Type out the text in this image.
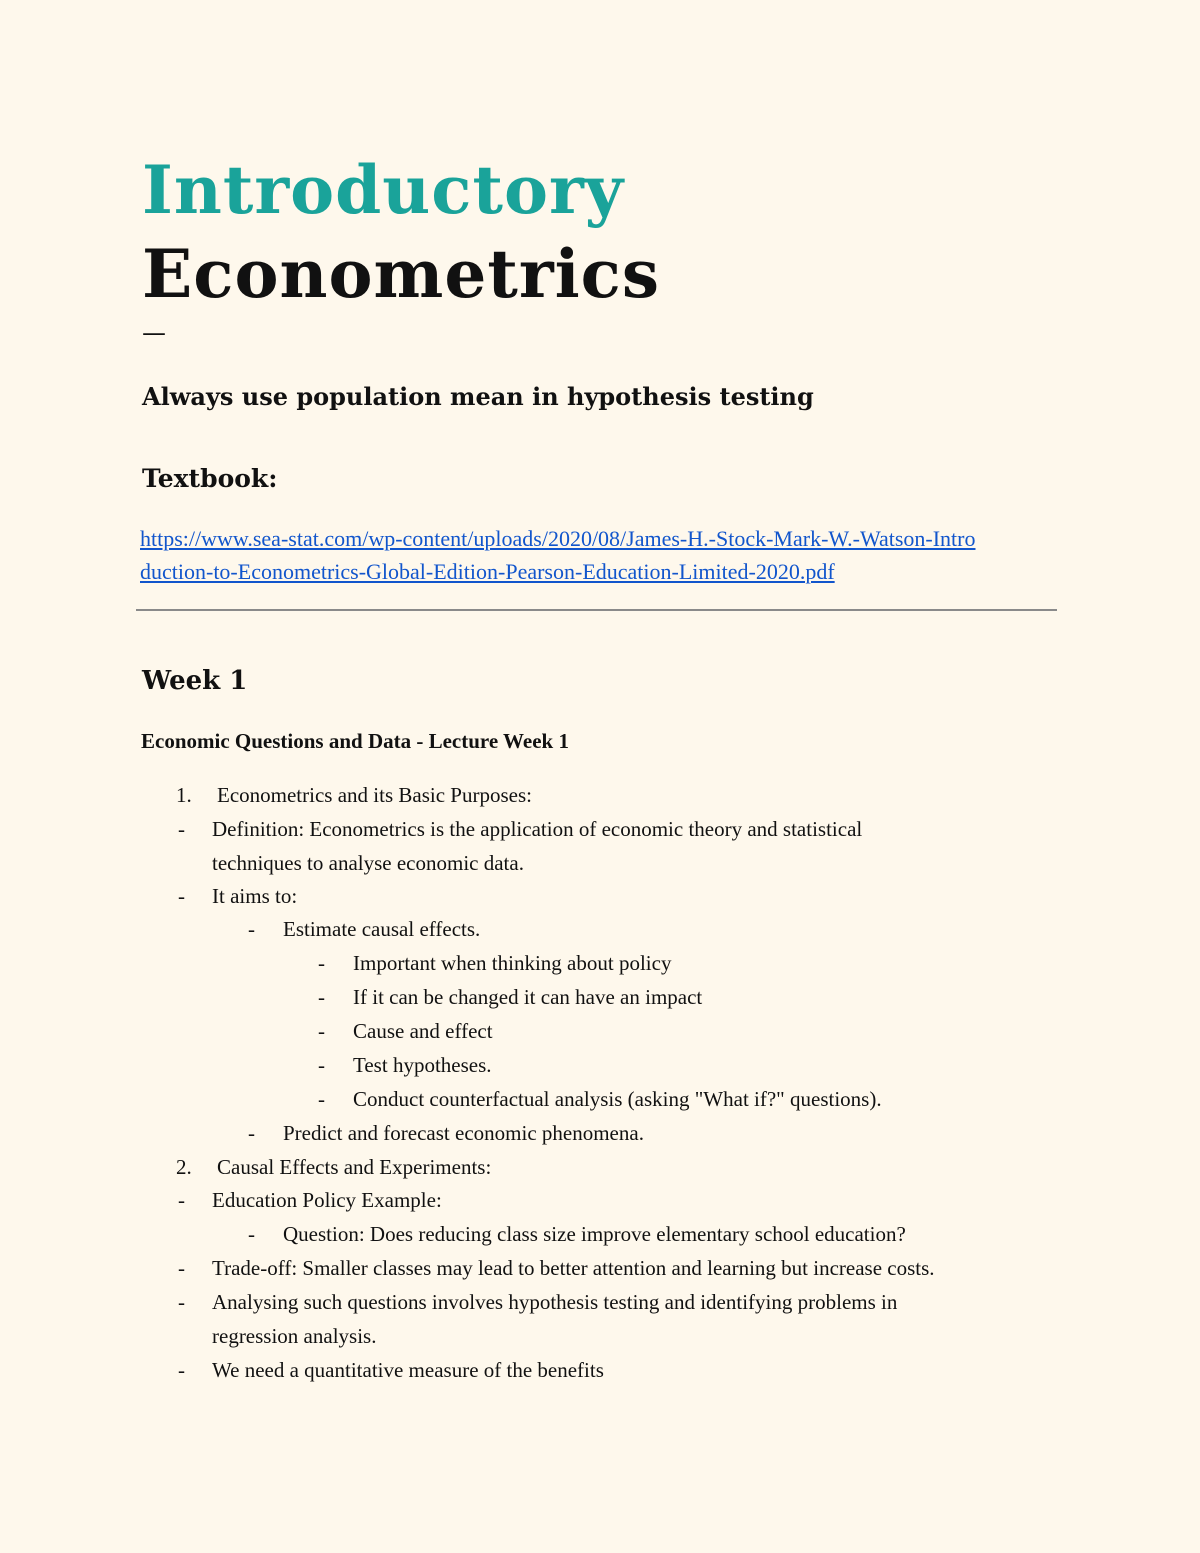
Introductory
Econometrics
—
Always use population mean in hypothesis testing
Textbook:
https://www.sea-stat.com/wp-content/uploads/2020/08/James-H.-Stock-Mark-W.-Watson-Intro
duction-to-Econometrics-Global-Edition-Pearson-Education-Limited-2020.pdf
Week 1
Economic Questions and Data - Lecture Week 1
1. Econometrics and its Basic Purposes:
- Definition: Econometrics is the application of economic theory and statistical
techniques to analyse economic data.
- It aims to:
- Estimate causal effects.
- Important when thinking about policy
- If it can be changed it can have an impact
- Cause and effect
- Test hypotheses.
- Conduct counterfactual analysis (asking "What if?" questions).
- Predict and forecast economic phenomena.
2. Causal Effects and Experiments:
- Education Policy Example:
- Question: Does reducing class size improve elementary school education?
- Trade-off: Smaller classes may lead to better attention and learning but increase costs.
- Analysing such questions involves hypothesis testing and identifying problems in
regression analysis.
- We need a quantitative measure of the benefits
